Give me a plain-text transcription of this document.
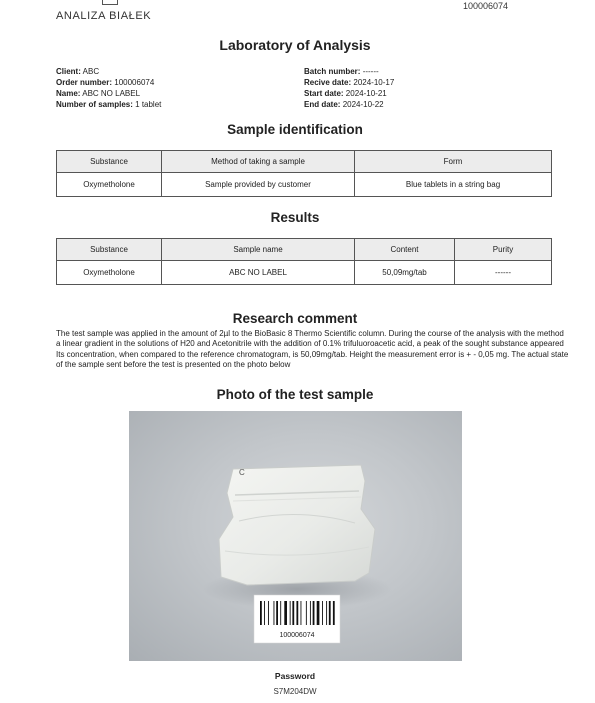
ANALIZA BIAŁEK
100006074
Laboratory of Analysis
Client: ABC
Order number: 100006074
Name: ABC NO LABEL
Number of samples: 1 tablet
Batch number: ------
Recive date: 2024-10-17
Start date: 2024-10-21
End date: 2024-10-22
Sample identification
Substance	Method of taking a sample	Form
Oxymetholone	Sample provided by customer	Blue tablets in a string bag
Results
Substance	Sample name	Content	Purity
Oxymetholone	ABC NO LABEL	50,09mg/tab	------
Research comment
The test sample was applied in the amount of 2µl to the BioBasic 8 Thermo Scientific column. During the course of the analysis with the method a linear gradient in the solutions of H20 and Acetonitrile with the addition of 0.1% trifuluoroacetic acid, a peak of the sought substance appeared Its concentration, when compared to the reference chromatogram, is 50,09mg/tab. Height the measurement error is + - 0,05 mg. The actual state of the sample sent before the test is presented on the photo below
Photo of the test sample
C
100006074
Password
S7M204DW
